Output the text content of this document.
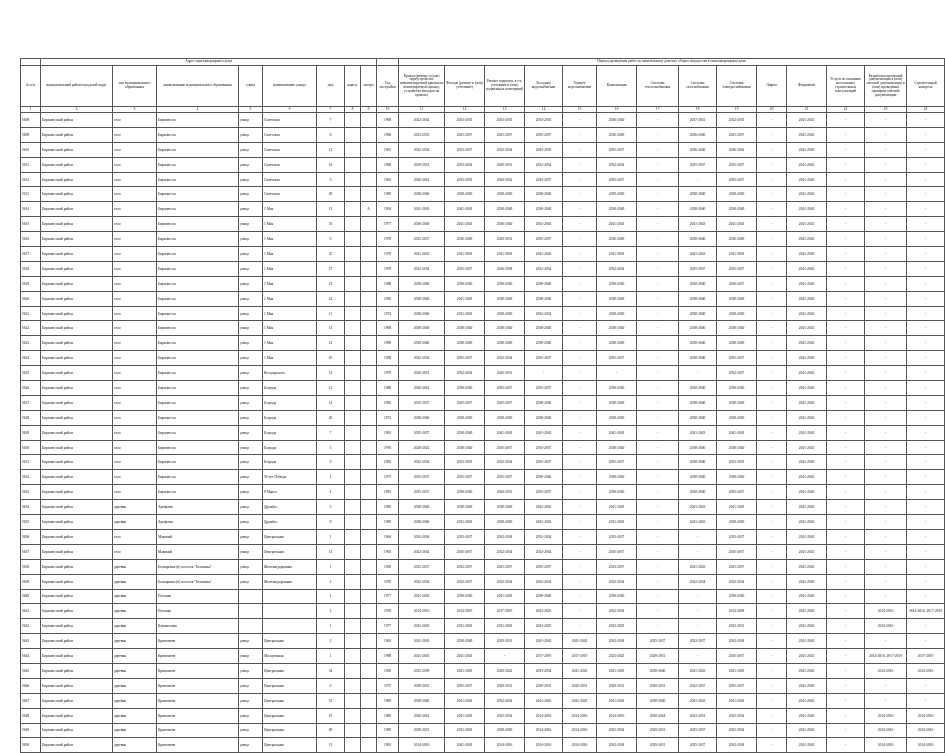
	Адрес многоквартирного дома									Период проведения работ по капитальному ремонту общего имущества в многоквартирном доме													
№ п/п	муниципальный район/городской округ	тип муниципального образования	наименование муниципального образования	улица	наименование улицы	дом	корпус	литера	Год постройки	Кровля (ремонт и (или) переустройство невентилируемой крыши на вентилируемую крышу, устройство выходов на кровлю)	Фасады (ремонт и (или) утепление)	Ремонт подвалов, в т.ч. утепление и (или) подвальных помещений	Холодное водоснабжение	Горячее водоснабжение	Канализация	Системы теплоснабжения	Системы газоснабжения	Системы электроснабжения	Лифты	Фундамент	Услуги по оказанию неотложных строительных консультаций	Разработка проектной документации в (или) сметной документации и (или) проведения проверки сметной документации	Строительный контроль
1	2	3	4	5	6	7	8	9	10	11	12	13	14	15	16	17	18	19	20	21	22	23	24
5608	Бирилюсский район	село	Бирилюссы	улица	Советская	7			1969	2032-2034	2033-2035	2033-2035	2033-2035	-	2036-2040	-	2037-2041	2032-2035	-	2041-2043	-	-	-
5609	Бирилюсский район	село	Бирилюссы	улица	Советская	8			1966	2033-2035	2035-2037	2035-2037	2035-2037	-	2036-2040	-	2036-2040	2035-2037	-	2041-2043	-	-	-
5610	Бирилюсский район	село	Бирилюссы	улица	Советская	12			1961	2032-2034	2033-2037	2032-2034	2033-2035	-	2035-2037	-	2036-2040	2036-2042	-	2041-2043	-	-	-
5611	Бирилюсский район	село	Бирилюссы	улица	Советская	16			1960	2029-2031	2033-2034	2029-2031	2032-2034	-	2032-2034	-	2035-2037	2035-2037	-	2041-2043	-	-	-
5612	Бирилюсский район	село	Бирилюссы	улица	Советская	3			1963	2020-2022	2033-2035	2020-2022	2033-2037	-	2035-2037	-	-	2035-2037	-	2041-2043	-	-	-
5613	Бирилюсский район	село	Бирилюссы	улица	Советская	29			1985	2038-2040	2038-2040	2038-2040	2038-2040	-	2039-2040	-	2038-2040	2038-2040	-	2041-2043	-	-	-
5614	Бирилюсский район	село	Бирилюссы	улица	1 Мая	13		А	1994	2041-2043	2041-2043	2038-2040	2038-2040	-	2038-2040	-	2038-2040	2038-2040	-	2041-2043	-	-	-
5615	Бирилюсский район	село	Бирилюссы	улица	1 Мая	35			1977	2036-2040	2041-2043	2036-2040	2041-2043	-	2041-2043	-	2041-2043	2041-2043	-	2041-2043	-	-	-
5616	Бирилюсский район	село	Бирилюссы	улица	1 Мая	9			1978	2035-2037	2036-2040	2020-2031	2035-2037	-	2036-2040	-	2038-2040	2036-2040	-	2041-2043	-	-	-
5617	Бирилюсский район	село	Бирилюссы	улица	1 Мая	25			1979	2041-2043	2041-2043	2041-2043	2041-2043	-	2041-2043	-	2041-2043	2041-2043	-	2041-2043	-	-	-
5618	Бирилюсский район	село	Бирилюссы	улица	1 Мая	27			1978	2032-2034	2035-2037	2036-2038	2032-2034	-	2032-2034	-	2035-2037	2035-2037	-	2041-2043	-	-	-
5619	Бирилюсский район	село	Бирилюссы	улица	1 Мая	15			1988	2038-2040	2038-2040	2038-2040	2038-2040	-	2038-2040	-	2038-2040	2036-2037	-	2041-2043	-	-	-
5620	Бирилюсский район	село	Бирилюссы	улица	1 Мая	22			1965	2038-2040	2041-2043	2038-2040	2038-2040	-	2038-2040	-	2038-2040	2038-2040	-	2041-2043	-	-	-
5621	Бирилюсский район	село	Бирилюссы	улица	1 Мая	11			1974	2038-2040	2041-2043	2038-2040	2032-2034	-	2038-2040	-	2038-2040	2038-2040	-	2041-2043	-	-	-
5622	Бирилюсский район	село	Бирилюссы	улица	1 Мая	13			1968	2038-2040	2038-2040	2038-2040	2038-2040	-	2038-2040	-	2038-2040	2038-2040	-	2041-2043	-	-	-
5623	Бирилюсский район	село	Бирилюссы	улица	1 Мая	21			1990	2038-2040	2038-2040	2038-2040	2038-2040	-	2038-2040	-	2038-2040	2038-2040	-	2041-2043	-	-	-
5624	Бирилюсский район	село	Бирилюссы	улица	1 Мая	10			1958	2032-2034	2035-2037	2032-2034	2035-2037	-	2035-2037	-	2038-2040	2035-2037	-	2041-2043	-	-	-
5625	Бирилюсский район	село	Бирилюссы	улица	Володарского	12			1970	2020-2021	2032-2034	2020-2031	-	-	-	-	-	2032-2037	-	2041-2043	-	-	-
5626	Бирилюсский район	село	Бирилюссы	улица	Бограда	12			1980	2020-2022	2038-2040	2035-2037	2035-2037	-	2038-2040	-	2038-2040	2038-2040	-	2041-2043	-	-	-
5627	Бирилюсский район	село	Бирилюссы	улица	Бограда	14			1982	2035-2037	2035-2037	2035-2037	2038-2040	-	2038-2040	-	2038-2040	2038-2040	-	2041-2043	-	-	-
5628	Бирилюсский район	село	Бирилюссы	улица	Бограда	20			1972	2038-2040	2038-2040	2038-2040	2038-2040	-	2038-2040	-	2038-2040	2038-2040	-	2041-2043	-	-	-
5629	Бирилюсский район	село	Бирилюссы	улица	Бограда	7			1981	2035-2037	2038-2040	2041-2043	2041-2043	-	2041-2043	-	2041-2043	2041-2043	-	2041-2043	-	-	-
5630	Бирилюсский район	село	Бирилюссы	улица	Бограда	5			1976	2020-2022	2038-2040	2035-2037	2035-2037	-	2038-2040	-	2038-2040	2038-2040	-	2041-2043	-	-	-
5631	Бирилюсский район	село	Бирилюссы	улица	Бограда	9			1983	2032-2034	2033-2035	2032-2034	2035-2037	-	2035-2037	-	2038-2040	2033-2035	-	2041-2043	-	-	-
5632	Бирилюсский район	село	Бирилюссы	улица	50 лет Победы	1			1975	2035-2037	2035-2037	2035-2037	2038-2040	-	2038-2040	-	2038-2040	2038-2040	-	2041-2043	-	-	-
5633	Бирилюсский район	село	Бирилюссы	улица	8 Марта	4			1981	2035-2037	2038-2040	2020-2031	2035-2037	-	2038-2040	-	2038-2040	2035-2037	-	2041-2043	-	-	-
5634	Бирилюсский район	деревня	Арефьево	улица	Дружбы	3			1985	2038-2040	2038-2040	2038-2040	2041-2043	-	2041-2043	-	2041-2043	2041-2043	-	2041-2043	-	-	-
5635	Бирилюсский район	деревня	Арефьево	улица	Дружбы	8			1985	2038-2040	2041-2043	2038-2040	2041-2043	-	2041-2043	-	2041-2043	2038-2040	-	2041-2043	-	-	-
5636	Бирилюсский район	село	Маковый	улица	Центральная	1			1964	2032-2034	2035-2037	2032-2034	2032-2034	-	2035-2037	-	-	2035-2037	-	2041-2043	-	-	-
5637	Бирилюсский район	село	Маковый	улица	Центральная	13			1965	2032-2034	2035-2037	2032-2034	2032-2034	-	2035-2037	-	-	2035-2037	-	2041-2043	-	-	-
5638	Бирилюсский район	деревня	Бельяровка (в) поселок "Белоника"	улица	Железнодорожная	1			1965	2035-2037	2032-2037	2035-2037	2035-2037	-	2033-2037	-	2041-2043	2035-2037	-	2041-2043	-	-	-
5639	Бирилюсский район	деревня	Бельяровка (в) поселок "Белоника"	улица	Железнодорожная	4			1970	2032-2034	2032-2037	2032-2034	2032-2034	-	2032-2034	-	2032-2034	2032-2034	-	2041-2043	-	-	-
5640	Бирилюсский район	деревня	Полонка			1			1977	2041-2043	2038-2040	2041-2043	2038-2040	-	2038-2040	-	-	2038-2040	-	2041-2043	-	-	-
5641	Бирилюсский район	деревня	Полонка			2			1976	2014-2016	2014-2019	2017-2019	2023-2025	-	2032-2034	-	-	2014-2028	-	2041-2043	-	2014-2016	2014-2016, 2017-2019
5642	Бирилюсский район	деревня	Климиловка			1			1977	2041-2043	2041-2043	2041-2043	2023-2025	-	2023-2025	-	-	2023-2031	-	2041-2043	-	2014-2016	-
5643	Бирилюсский район	деревня	Кривошеев	улица	Центральная	2			1963	2041-2043	2038-2040	2029-2031	2041-2043	2041-2043	2032-2034	2035-2037	2032-2037	2032-2034	-	2041-2043	-	-	-
5644	Бирилюсский район	деревня	Кривошеев	улица	Молодежная	1			1988	2041-2043	2041-2043	-	2017-2019	2017-2019	2023-2025	2029-2031	-	2035-2037	-	2041-2043	-	2014-2016, 2017-2019	2017-2019
5645	Бирилюсский район	деревня	Кривошеев	улица	Центральная	34			1965	2035-2039	2041-2043	2020-2022	2033-2034	2041-2043	2041-2043	2038-2040	2041-2043	2041-2043	-	2041-2043	-	2014-2016	2014-2016
5646	Бирилюсский район	деревня	Кривошеев	улица	Центральная	6			1975	2029-2031	2035-2037	2029-2031	2029-2031	2029-2031	2029-2031	2029-2031	2032-2037	2035-2037	-	2041-2043	-	-	-
5647	Бирилюсский район	деревня	Кривошеев	улица	Центральная	53			1985	2038-2040	2041-2043	2032-2034	2041-2043	2041-2043	2041-2043	2038-2040	2041-2043	2041-2043	-	2041-2043	-	-	-
5648	Бирилюсский район	деревня	Кривошеев	улица	Центральная	67			1985	2020-2022	2041-2043	2032-2034	2014-2016	2014-2016	2014-2016	2020-2024	2023-2031	2032-2034	-	2041-2043	-	2014-2016	2014-2016
5649	Бирилюсский район	деревня	Кривошеев	улица	Центральная	69			1985	2029-2031	2041-2043	2038-2040	2014-2016	2014-2016	2032-2034	2029-2031	2035-2037	2032-2034	-	2041-2043	-	2014-2016	2014-2016
5650	Бирилюсский район	деревня	Кривошеев	улица	Центральная	15			1981	2014-2016	2041-2043	2014-2016	2014-2016	2014-2016	2032-2034	2029-2031	2035-2037	2032-2034	-	2041-2043	-	2014-2016	2014-2016
